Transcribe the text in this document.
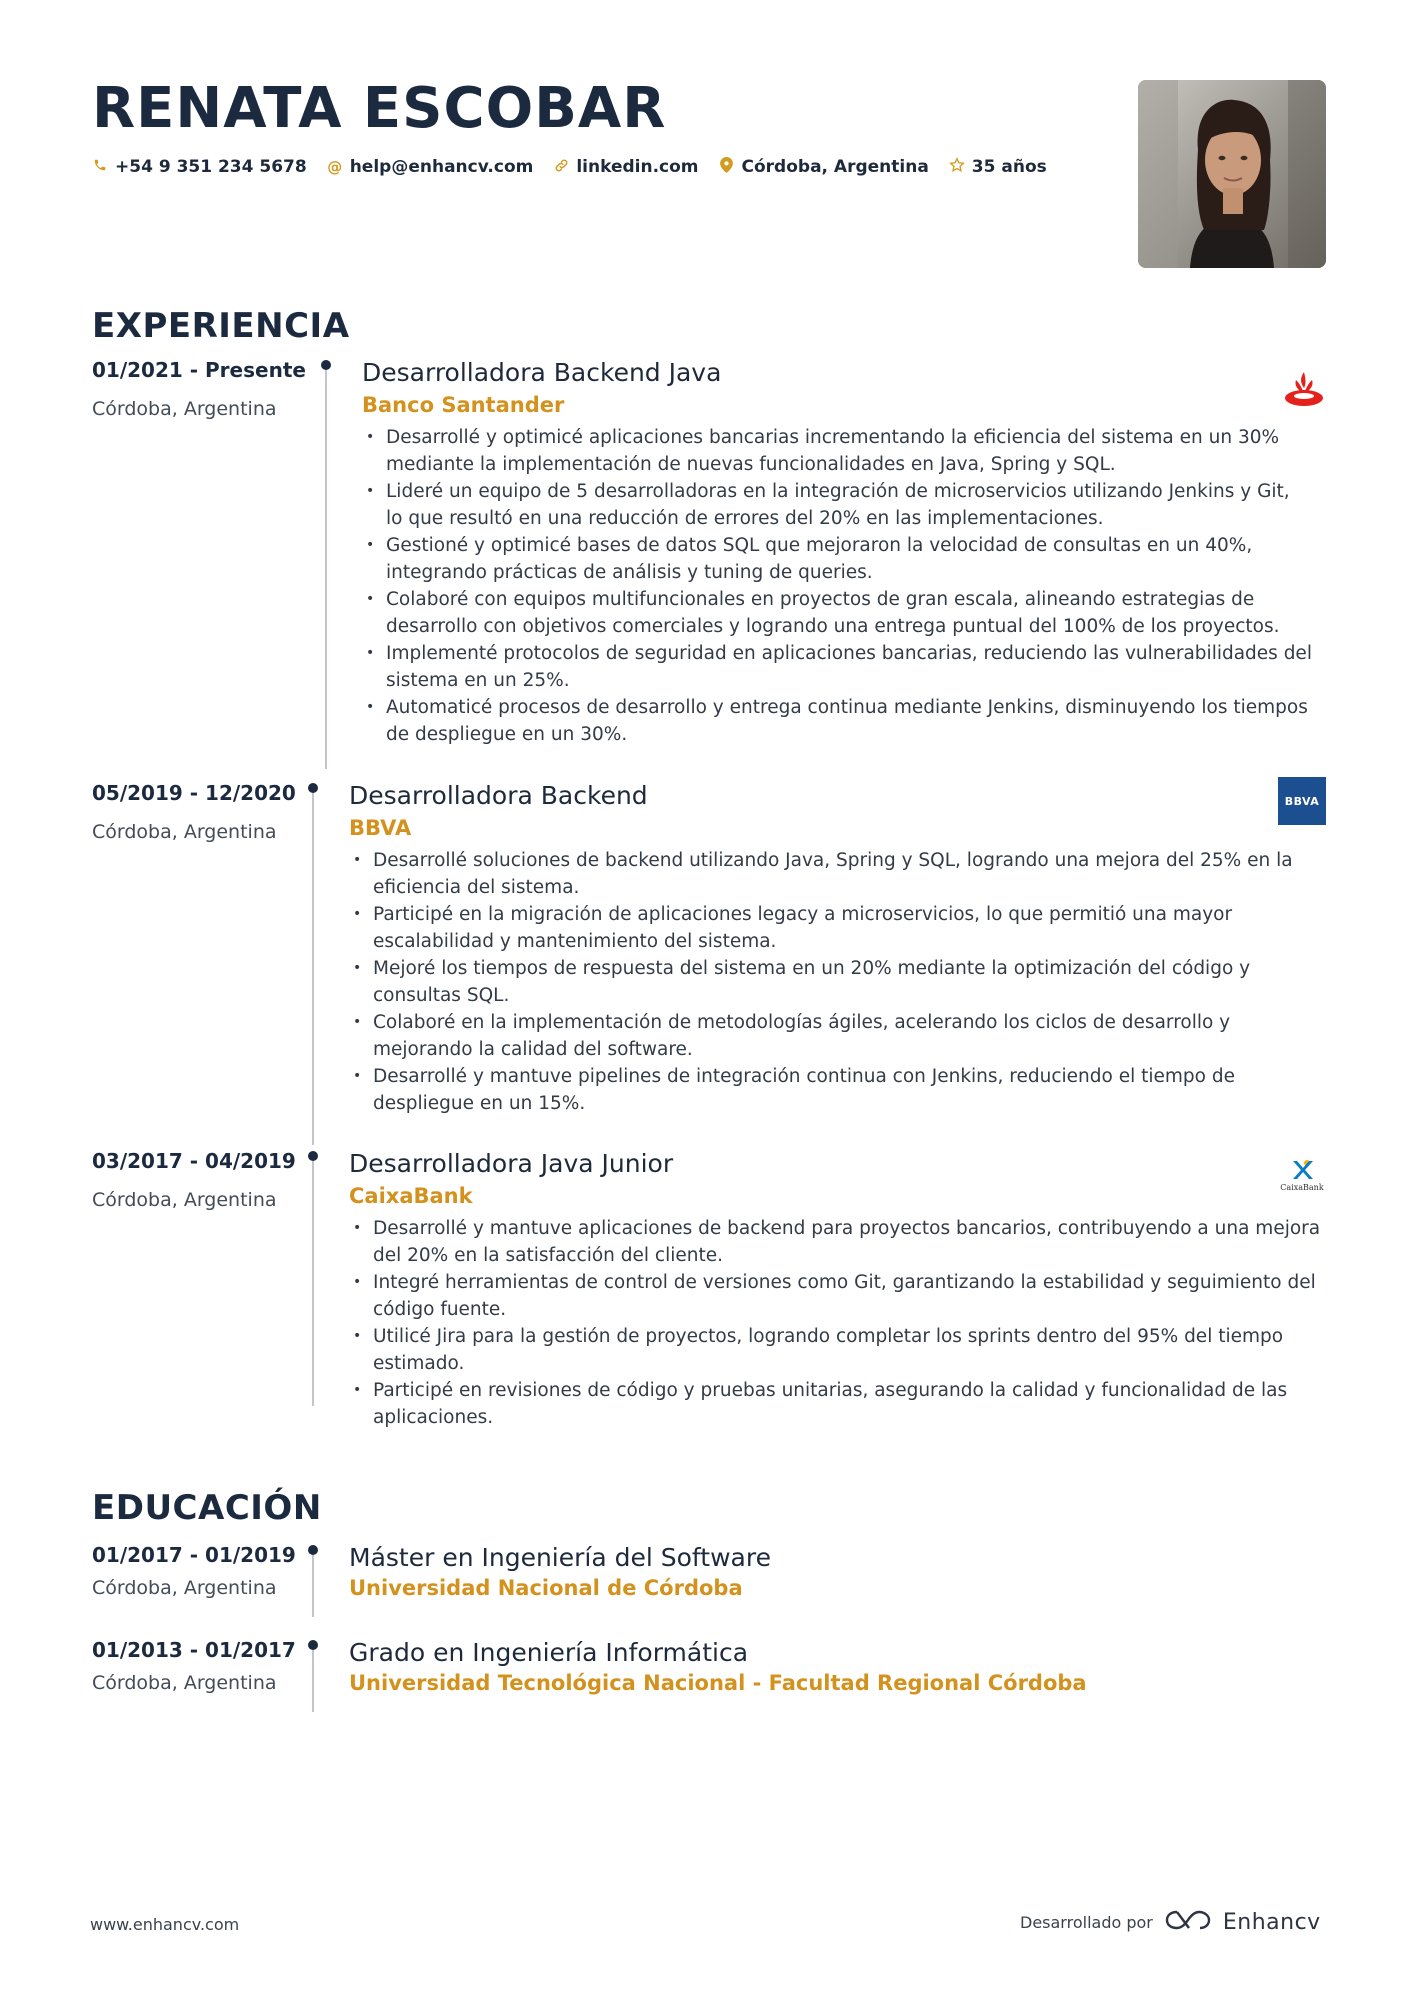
RENATA ESCOBAR
+54 9 351 234 5678 @ help@enhancv.com	linkedin.com	Córdoba, Argentina	35 años
EXPERIENCIA
01/2021 - Presente
Córdoba, Argentina
Desarrolladora Backend Java
Banco Santander
• Desarrollé y optimicé aplicaciones bancarias incrementando la eficiencia del sistema en un 30% mediante la implementación de nuevas funcionalidades en Java, Spring y SQL.
• Lideré un equipo de 5 desarrolladoras en la integración de microservicios utilizando Jenkins y Git, lo que resultó en una reducción de errores del 20% en las implementaciones.
• Gestioné y optimicé bases de datos SQL que mejoraron la velocidad de consultas en un 40%, integrando prácticas de análisis y tuning de queries.
• Colaboré con equipos multifuncionales en proyectos de gran escala, alineando estrategias de desarrollo con objetivos comerciales y logrando una entrega puntual del 100% de los proyectos.
• Implementé protocolos de seguridad en aplicaciones bancarias, reduciendo las vulnerabilidades del sistema en un 25%.
• Automaticé procesos de desarrollo y entrega continua mediante Jenkins, disminuyendo los tiempos de despliegue en un 30%.
05/2019 - 12/2020
Córdoba, Argentina
Desarrolladora Backend
BBVA
• Desarrollé soluciones de backend utilizando Java, Spring y SQL, logrando una mejora del 25% en la eficiencia del sistema.
• Participé en la migración de aplicaciones legacy a microservicios, lo que permitió una mayor escalabilidad y mantenimiento del sistema.
• Mejoré los tiempos de respuesta del sistema en un 20% mediante la optimización del código y consultas SQL.
• Colaboré en la implementación de metodologías ágiles, acelerando los ciclos de desarrollo y mejorando la calidad del software.
• Desarrollé y mantuve pipelines de integración continua con Jenkins, reduciendo el tiempo de despliegue en un 15%.
BBVA
03/2017 - 04/2019
Córdoba, Argentina
Desarrolladora Java Junior
CaixaBank
• Desarrollé y mantuve aplicaciones de backend para proyectos bancarios, contribuyendo a una mejora del 20% en la satisfacción del cliente.
• Integré herramientas de control de versiones como Git, garantizando la estabilidad y seguimiento del código fuente.
• Utilicé Jira para la gestión de proyectos, logrando completar los sprints dentro del 95% del tiempo estimado.
• Participé en revisiones de código y pruebas unitarias, asegurando la calidad y funcionalidad de las aplicaciones.
CaixaBank
EDUCACIÓN
01/2017 - 01/2019
Córdoba, Argentina
Máster en Ingeniería del Software
Universidad Nacional de Córdoba
01/2013 - 01/2017
Córdoba, Argentina
Grado en Ingeniería Informática
Universidad Tecnológica Nacional - Facultad Regional Córdoba
www.enhancv.com	Desarrollado por	Enhancv
